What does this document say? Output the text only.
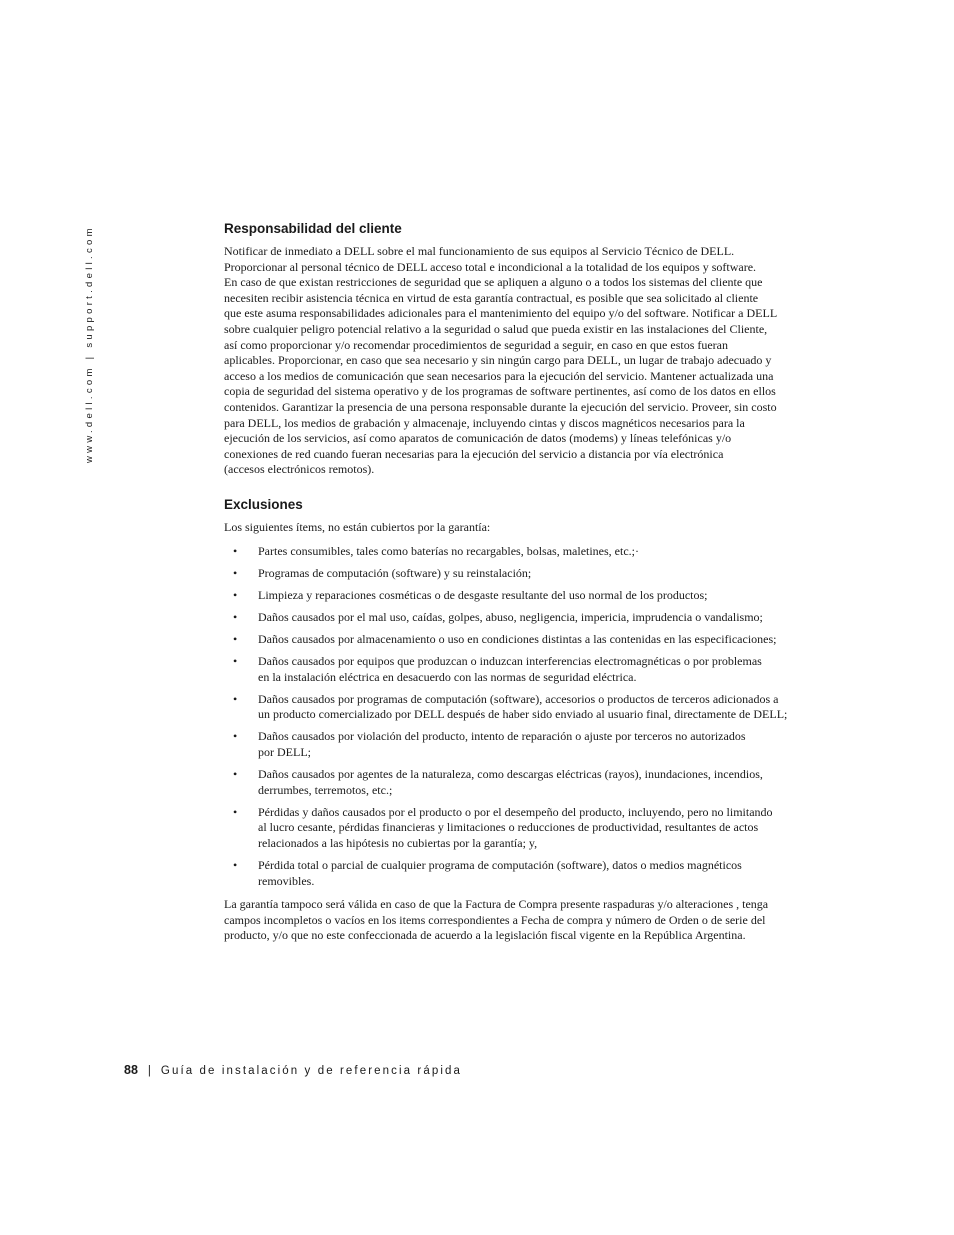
www.dell.com | support.dell.com	Responsabilidad del cliente

Notificar de inmediato a DELL sobre el mal funcionamiento de sus equipos al Servicio Técnico de DELL.
Proporcionar al personal técnico de DELL acceso total e incondicional a la totalidad de los equipos y software.
En caso de que existan restricciones de seguridad que se apliquen a alguno o a todos los sistemas del cliente que
necesiten recibir asistencia técnica en virtud de esta garantía contractual, es posible que sea solicitado al cliente
que este asuma responsabilidades adicionales para el mantenimiento del equipo y/o del software. Notificar a DELL
sobre cualquier peligro potencial relativo a la seguridad o salud que pueda existir en las instalaciones del Cliente,
así como proporcionar y/o recomendar procedimientos de seguridad a seguir, en caso en que estos fueran
aplicables. Proporcionar, en caso que sea necesario y sin ningún cargo para DELL, un lugar de trabajo adecuado y
acceso a los medios de comunicación que sean necesarios para la ejecución del servicio. Mantener actualizada una
copia de seguridad del sistema operativo y de los programas de software pertinentes, así como de los datos en ellos
contenidos. Garantizar la presencia de una persona responsable durante la ejecución del servicio. Proveer, sin costo
para DELL, los medios de grabación y almacenaje, incluyendo cintas y discos magnéticos necesarios para la
ejecución de los servicios, así como aparatos de comunicación de datos (modems) y líneas telefónicas y/o
conexiones de red cuando fueran necesarias para la ejecución del servicio a distancia por vía electrónica
(accesos electrónicos remotos).

Exclusiones

Los siguientes ítems, no están cubiertos por la garantía:

• Partes consumibles, tales como baterías no recargables, bolsas, maletines, etc.;·
• Programas de computación (software) y su reinstalación;
• Limpieza y reparaciones cosméticas o de desgaste resultante del uso normal de los productos;
• Daños causados por el mal uso, caídas, golpes, abuso, negligencia, impericia, imprudencia o vandalismo;
• Daños causados por almacenamiento o uso en condiciones distintas a las contenidas en las especificaciones;
• Daños causados por equipos que produzcan o induzcan interferencias electromagnéticas o por problemas
en la instalación eléctrica en desacuerdo con las normas de seguridad eléctrica.
• Daños causados por programas de computación (software), accesorios o productos de terceros adicionados a
un producto comercializado por DELL después de haber sido enviado al usuario final, directamente de DELL;
• Daños causados por violación del producto, intento de reparación o ajuste por terceros no autorizados
por DELL;
• Daños causados por agentes de la naturaleza, como descargas eléctricas (rayos), inundaciones, incendios,
derrumbes, terremotos, etc.;
• Pérdidas y daños causados por el producto o por el desempeño del producto, incluyendo, pero no limitando
al lucro cesante, pérdidas financieras y limitaciones o reducciones de productividad, resultantes de actos
relacionados a las hipótesis no cubiertas por la garantía; y,
• Pérdida total o parcial de cualquier programa de computación (software), datos o medios magnéticos
removibles.

La garantía tampoco será válida en caso de que la Factura de Compra presente raspaduras y/o alteraciones , tenga
campos incompletos o vacíos en los items correspondientes a Fecha de compra y número de Orden o de serie del
producto, y/o que no este confeccionada de acuerdo a la legislación fiscal vigente en la República Argentina.

88 | Guía de instalación y de referencia rápida
